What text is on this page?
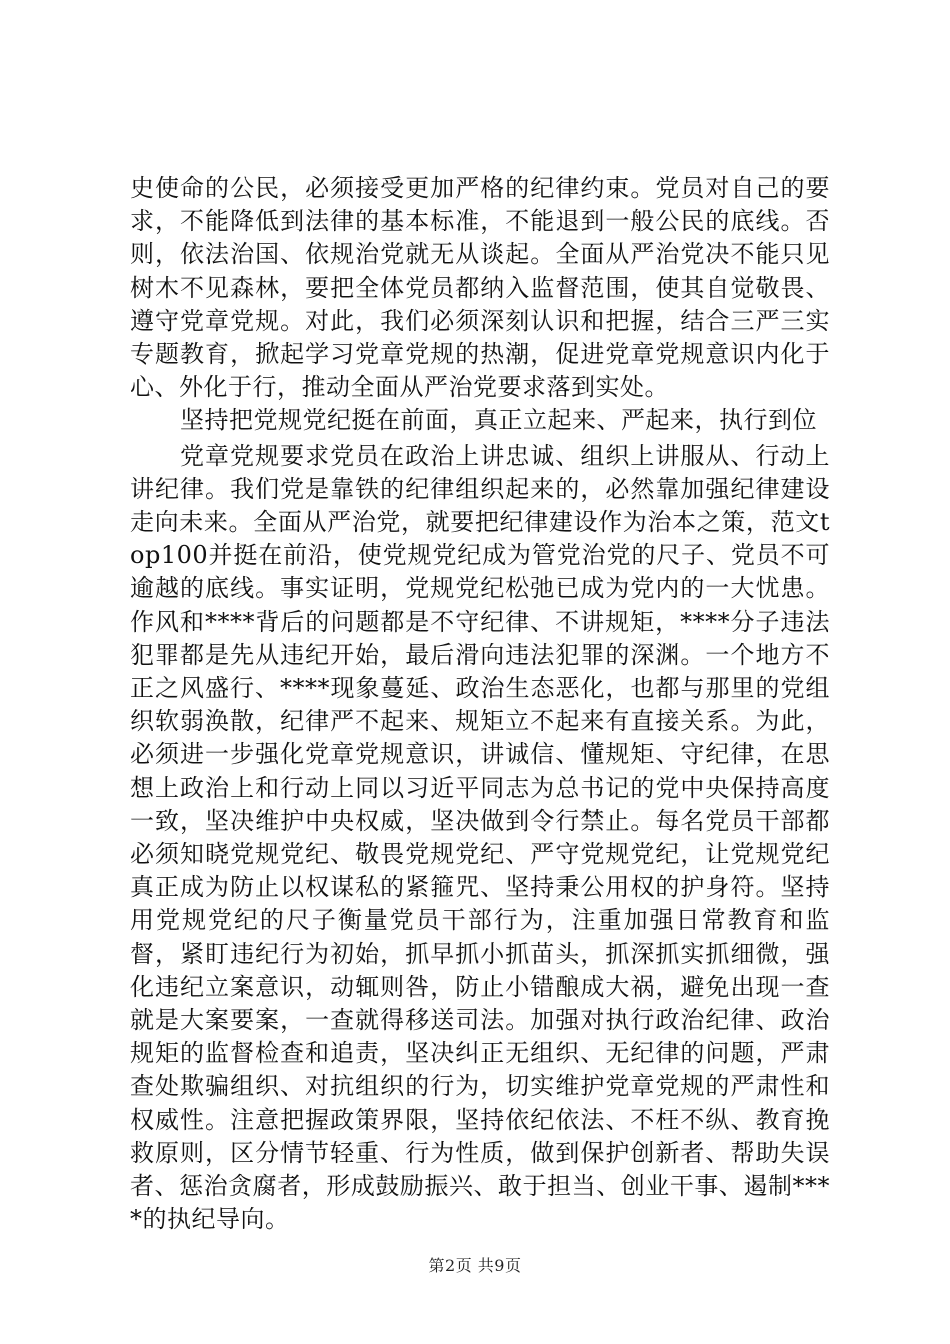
史使命的公民，必须接受更加严格的纪律约束。党员对自己的要求，不能降低到法律的基本标准，不能退到一般公民的底线。否则，依法治国、依规治党就无从谈起。全面从严治党决不能只见树木不见森林，要把全体党员都纳入监督范围，使其自觉敬畏、遵守党章党规。对此，我们必须深刻认识和把握，结合三严三实专题教育，掀起学习党章党规的热潮，促进党章党规意识内化于心、外化于行，推动全面从严治党要求落到实处。

坚持把党规党纪挺在前面，真正立起来、严起来，执行到位

党章党规要求党员在政治上讲忠诚、组织上讲服从、行动上讲纪律。我们党是靠铁的纪律组织起来的，必然靠加强纪律建设走向未来。全面从严治党，就要把纪律建设作为治本之策，范文top100并挺在前沿，使党规党纪成为管党治党的尺子、党员不可逾越的底线。事实证明，党规党纪松弛已成为党内的一大忧患。作风和****背后的问题都是不守纪律、不讲规矩，****分子违法犯罪都是先从违纪开始，最后滑向违法犯罪的深渊。一个地方不正之风盛行、****现象蔓延、政治生态恶化，也都与那里的党组织软弱涣散，纪律严不起来、规矩立不起来有直接关系。为此，必须进一步强化党章党规意识，讲诚信、懂规矩、守纪律，在思想上政治上和行动上同以习近平同志为总书记的党中央保持高度一致，坚决维护中央权威，坚决做到令行禁止。每名党员干部都必须知晓党规党纪、敬畏党规党纪、严守党规党纪，让党规党纪真正成为防止以权谋私的紧箍咒、坚持秉公用权的护身符。坚持用党规党纪的尺子衡量党员干部行为，注重加强日常教育和监督，紧盯违纪行为初始，抓早抓小抓苗头，抓深抓实抓细微，强化违纪立案意识，动辄则咎，防止小错酿成大祸，避免出现一查就是大案要案，一查就得移送司法。加强对执行政治纪律、政治规矩的监督检查和追责，坚决纠正无组织、无纪律的问题，严肃查处欺骗组织、对抗组织的行为，切实维护党章党规的严肃性和权威性。注意把握政策界限，坚持依纪依法、不枉不纵、教育挽救原则，区分情节轻重、行为性质，做到保护创新者、帮助失误者、惩治贪腐者，形成鼓励振兴、敢于担当、创业干事、遏制****的执纪导向。

第2页 共9页
